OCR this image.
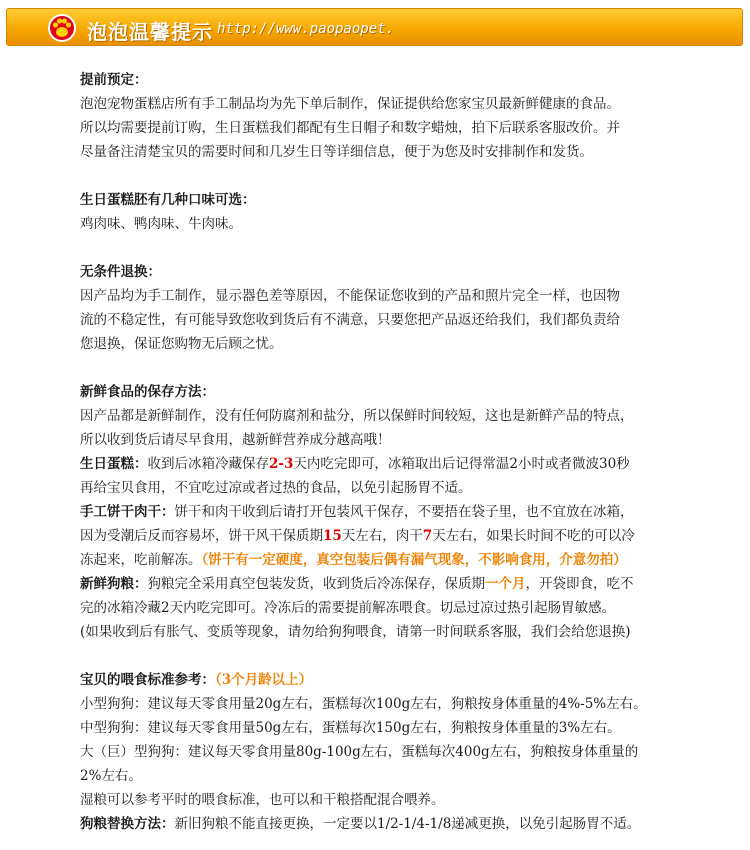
泡泡温馨提示 http://www.paopaopet.

提前预定：

泡泡宠物蛋糕店所有手工制品均为先下单后制作，保证提供给您家宝贝最新鲜健康的食品。

所以均需要提前订购，生日蛋糕我们都配有生日帽子和数字蜡烛，拍下后联系客服改价。并

尽量备注清楚宝贝的需要时间和几岁生日等详细信息，便于为您及时安排制作和发货。

生日蛋糕胚有几种口味可选：

鸡肉味、鸭肉味、牛肉味。

无条件退换：

因产品均为手工制作，显示器色差等原因，不能保证您收到的产品和照片完全一样，也因物

流的不稳定性，有可能导致您收到货后有不满意，只要您把产品返还给我们，我们都负责给

您退换，保证您购物无后顾之忧。

新鲜食品的保存方法：

因产品都是新鲜制作，没有任何防腐剂和盐分，所以保鲜时间较短，这也是新鲜产品的特点，

所以收到货后请尽早食用，越新鲜营养成分越高哦！

生日蛋糕：收到后冰箱冷藏保存2-3天内吃完即可，冰箱取出后记得常温2小时或者微波30秒

再给宝贝食用，不宜吃过凉或者过热的食品，以免引起肠胃不适。

手工饼干肉干：饼干和肉干收到后请打开包装风干保存，不要捂在袋子里，也不宜放在冰箱，

因为受潮后反而容易坏，饼干风干保质期15天左右，肉干7天左右，如果长时间不吃的可以冷

冻起来，吃前解冻。（饼干有一定硬度，真空包装后偶有漏气现象，不影响食用，介意勿拍）

新鲜狗粮：狗粮完全采用真空包装发货，收到货后冷冻保存，保质期一个月，开袋即食，吃不

完的冰箱冷藏2天内吃完即可。冷冻后的需要提前解冻喂食。切忌过凉过热引起肠胃敏感。

(如果收到后有胀气、变质等现象，请勿给狗狗喂食，请第一时间联系客服，我们会给您退换)

宝贝的喂食标准参考：（3个月龄以上）

小型狗狗：建议每天零食用量20g左右，蛋糕每次100g左右，狗粮按身体重量的4%-5%左右。

中型狗狗：建议每天零食用量50g左右，蛋糕每次150g左右，狗粮按身体重量的3%左右。

大（巨）型狗狗：建议每天零食用量80g-100g左右，蛋糕每次400g左右，狗粮按身体重量的

2%左右。

湿粮可以参考平时的喂食标准，也可以和干粮搭配混合喂养。

狗粮替换方法：新旧狗粮不能直接更换，一定要以1/2-1/4-1/8递减更换，以免引起肠胃不适。
